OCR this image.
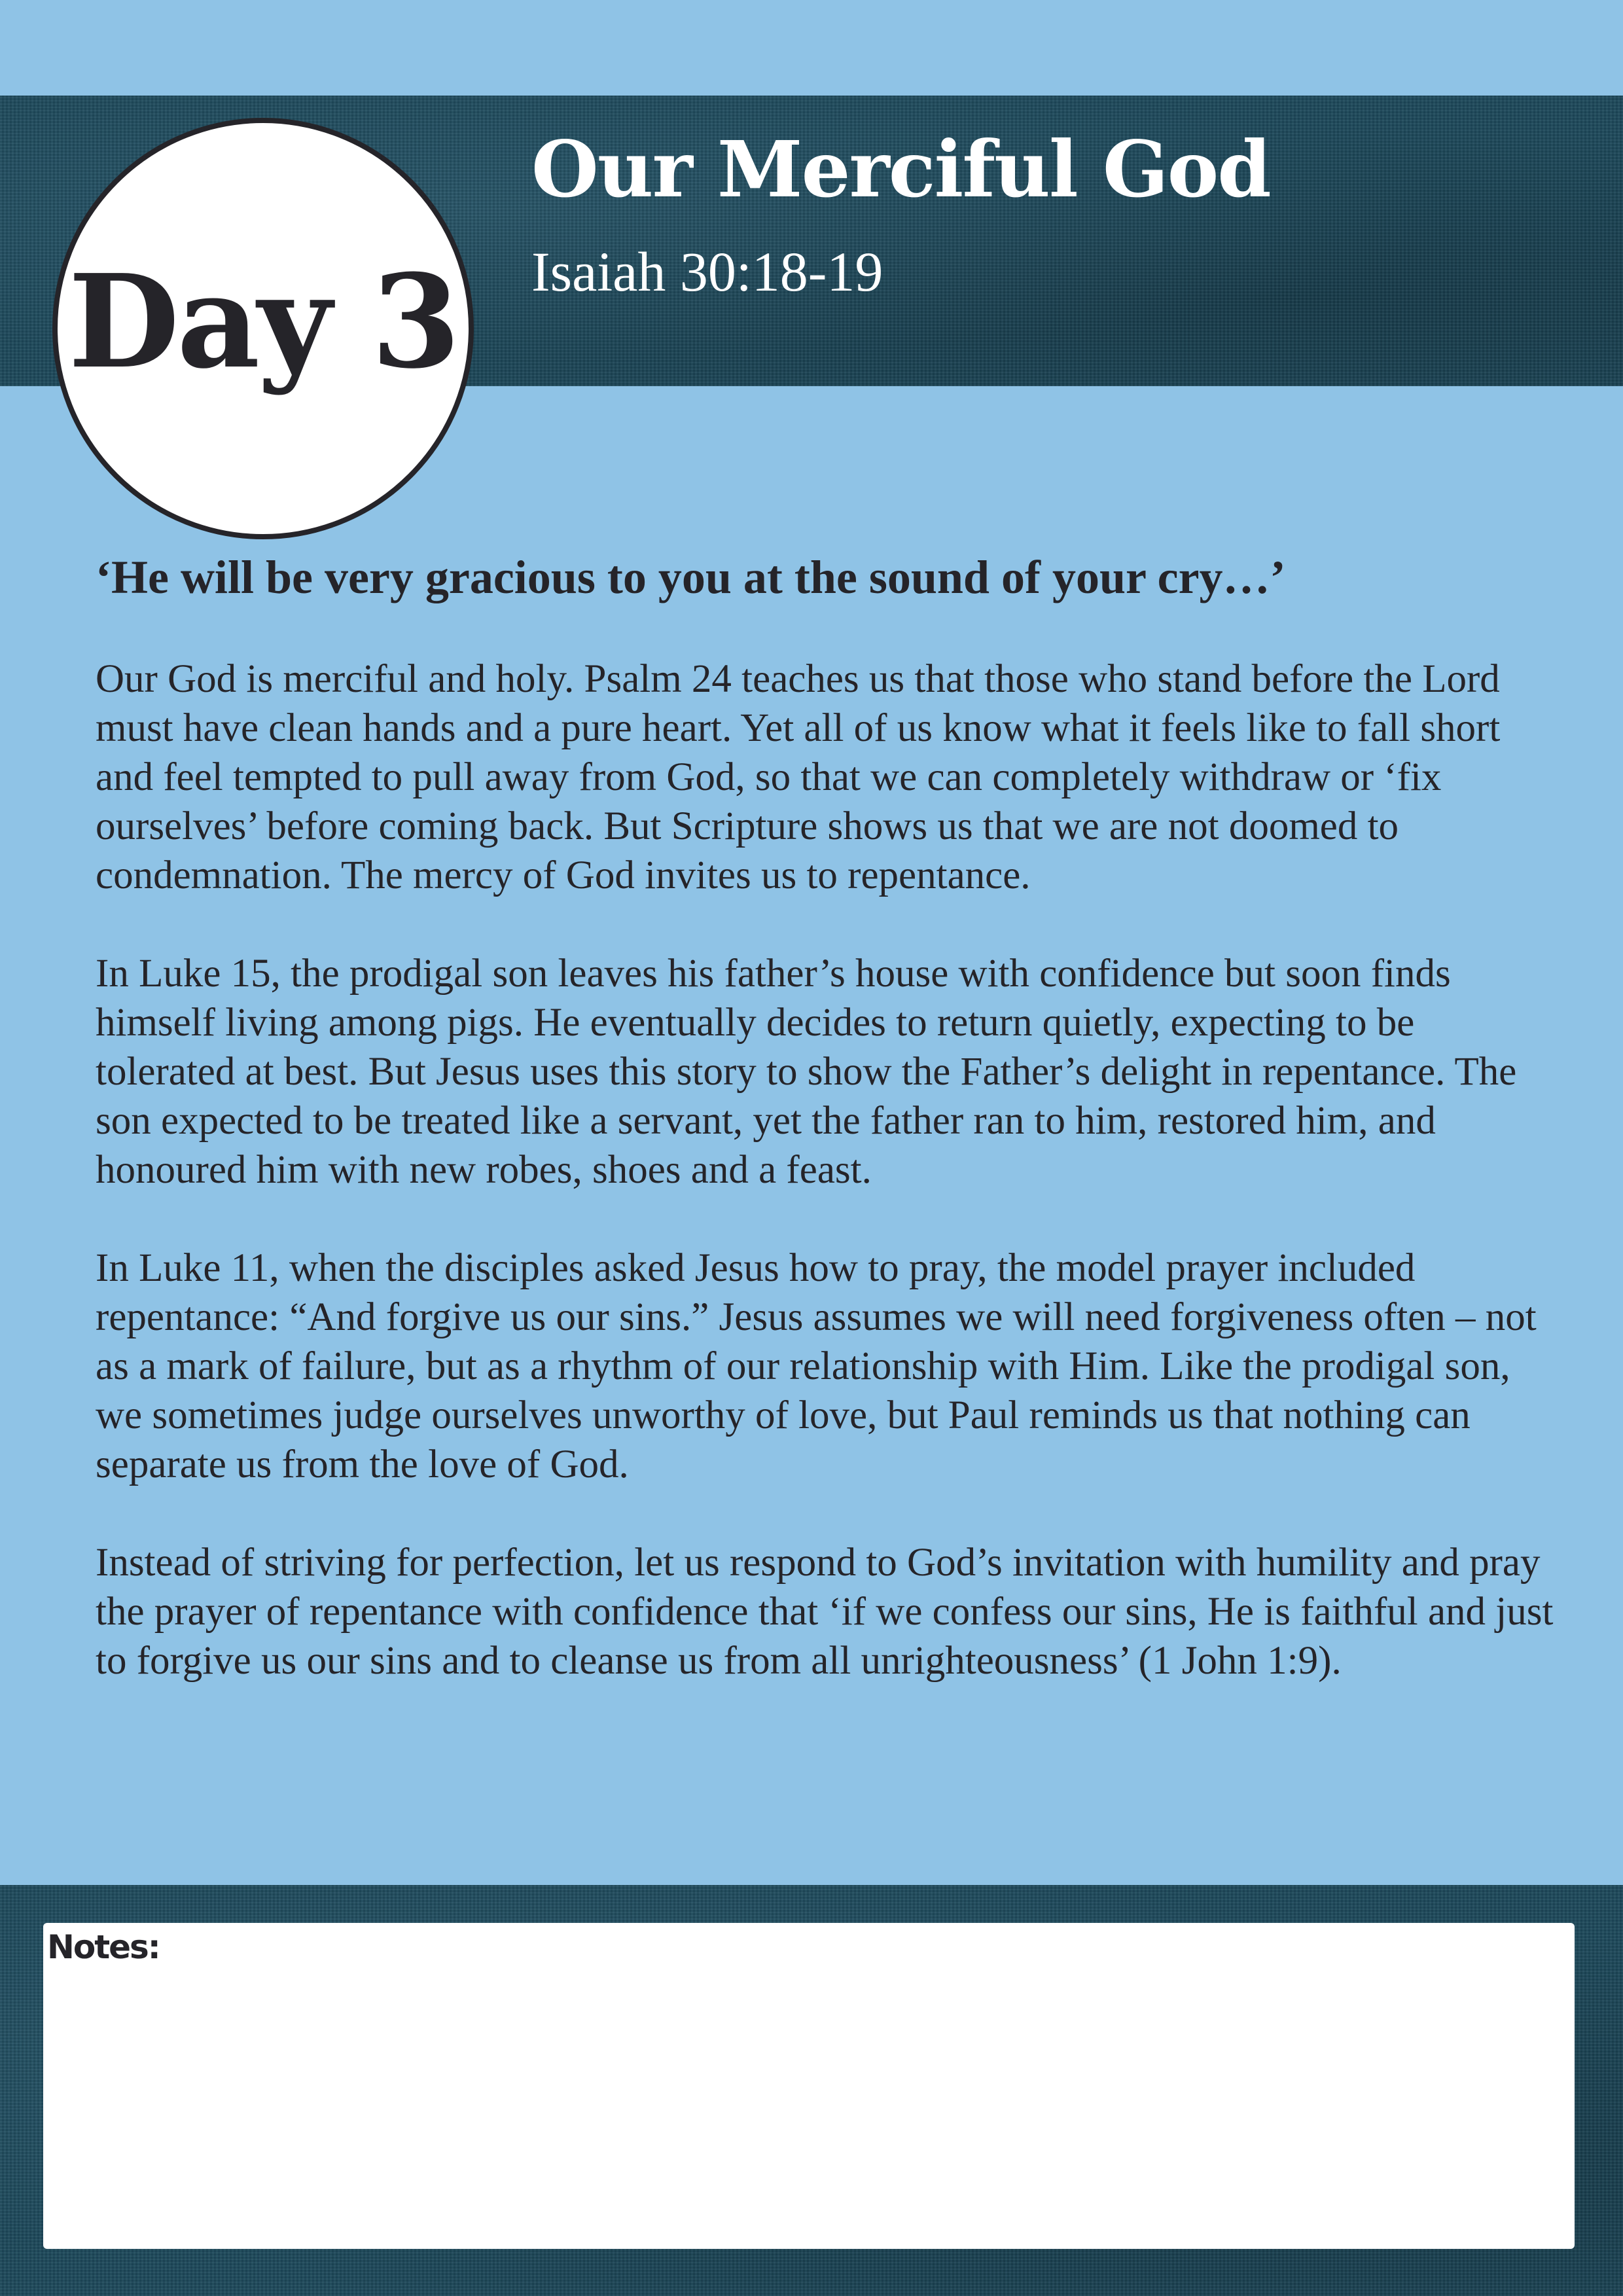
Day 3
Our Merciful God
Isaiah 30:18-19
‘He will be very gracious to you at the sound of your cry…’

Our God is merciful and holy. Psalm 24 teaches us that those who stand before the Lord must have clean hands and a pure heart. Yet all of us know what it feels like to fall short and feel tempted to pull away from God, so that we can completely withdraw or ‘fix ourselves’ before coming back. But Scripture shows us that we are not doomed to condemnation. The mercy of God invites us to repentance.

In Luke 15, the prodigal son leaves his father’s house with confidence but soon finds himself living among pigs. He eventually decides to return quietly, expecting to be tolerated at best. But Jesus uses this story to show the Father’s delight in repentance. The son expected to be treated like a servant, yet the father ran to him, restored him, and honoured him with new robes, shoes and a feast.

In Luke 11, when the disciples asked Jesus how to pray, the model prayer included repentance: “And forgive us our sins.” Jesus assumes we will need forgiveness often – not as a mark of failure, but as a rhythm of our relationship with Him. Like the prodigal son, we sometimes judge ourselves unworthy of love, but Paul reminds us that nothing can separate us from the love of God.

Instead of striving for perfection, let us respond to God’s invitation with humility and pray the prayer of repentance with confidence that ‘if we confess our sins, He is faithful and just to forgive us our sins and to cleanse us from all unrighteousness’ (1 John 1:9).

Notes:
